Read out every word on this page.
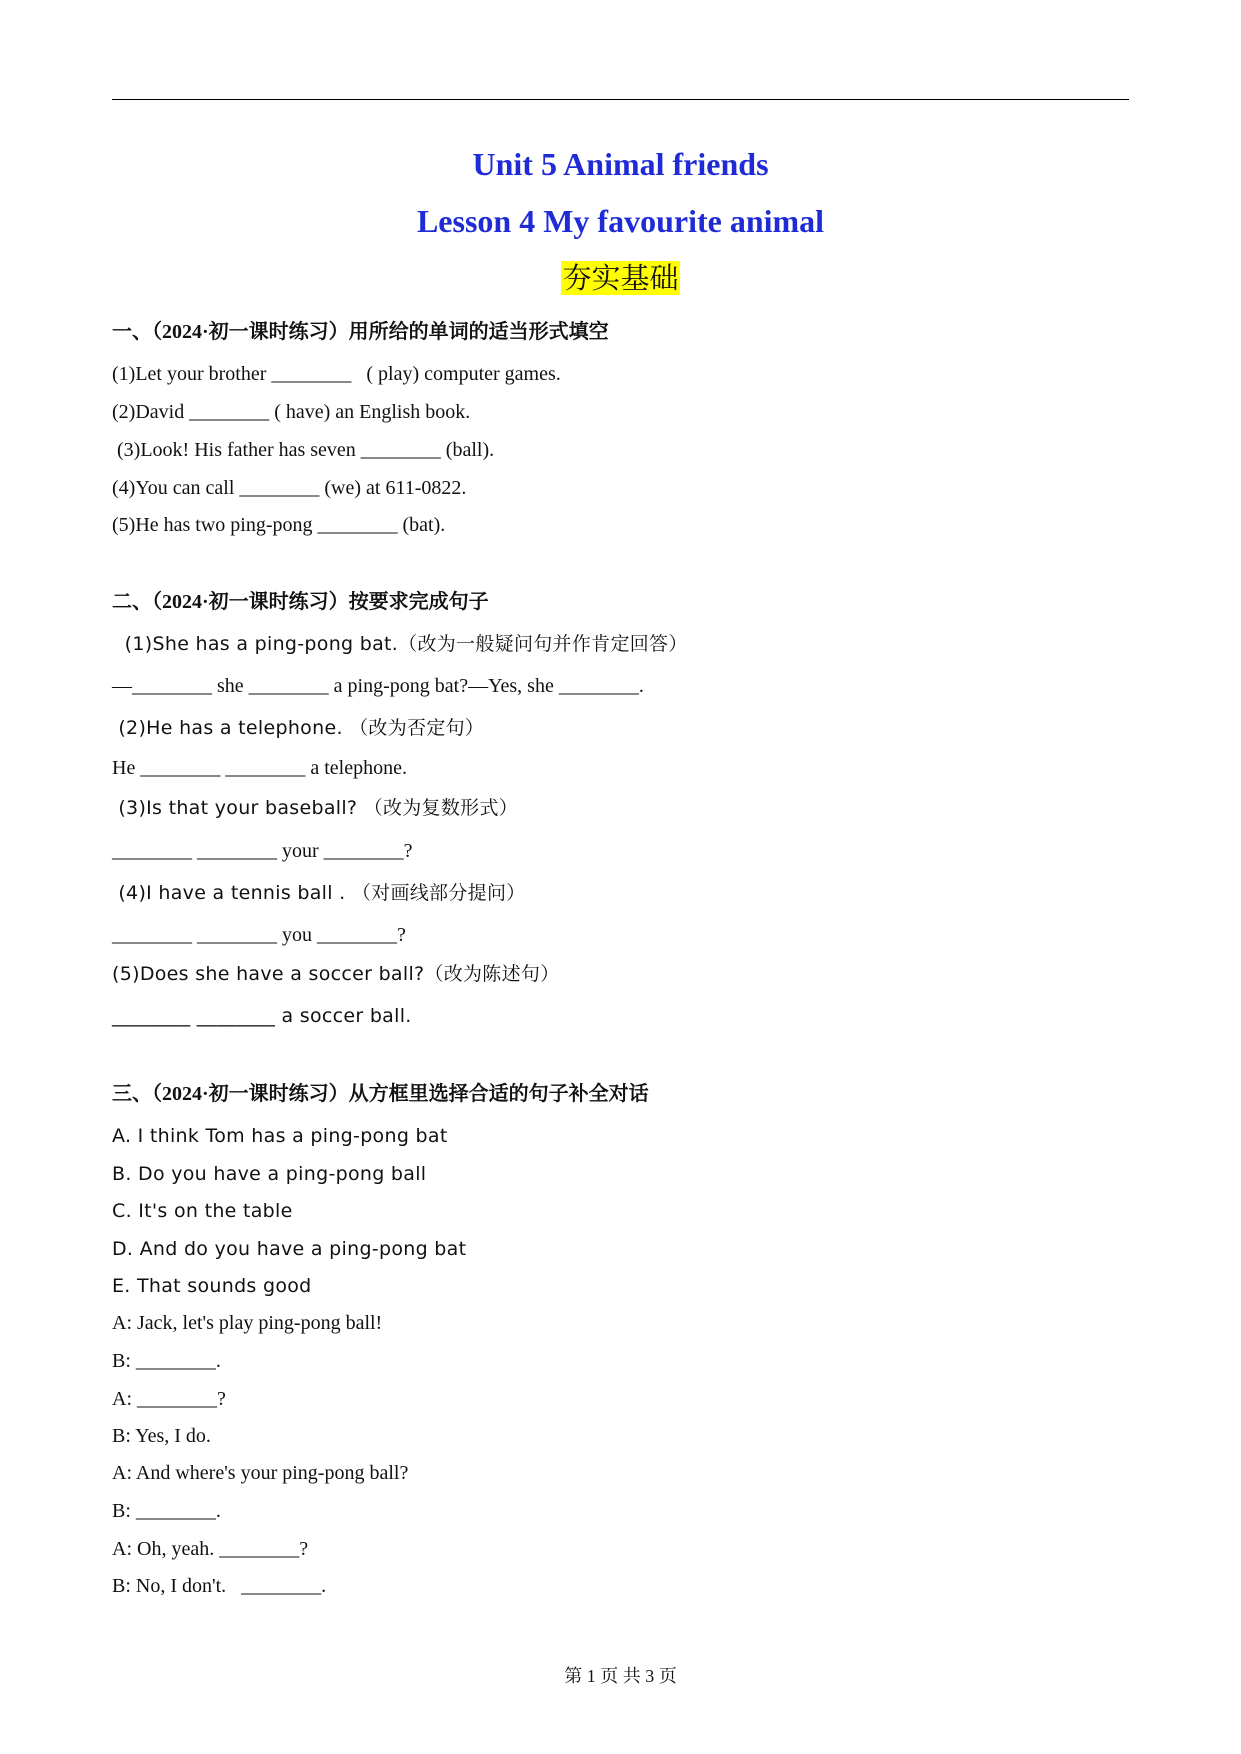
Unit 5 Animal friends
Lesson 4 My favourite animal
夯实基础
一、（2024·初一课时练习）用所给的单词的适当形式填空
(1)Let your brother ________   ( play) computer games.
(2)David ________ ( have) an English book.
(3)Look! His father has seven ________ (ball).
(4)You can call ________ (we) at 611-0822.
(5)He has two ping-pong ________ (bat).
二、（2024·初一课时练习）按要求完成句子
(1)She has a ping-pong bat.（改为一般疑问句并作肯定回答）
—________ she ________ a ping-pong bat?—Yes, she ________.
(2)He has a telephone. （改为否定句）
He ________ ________ a telephone.
(3)Is that your baseball? （改为复数形式）
________ ________ your ________?
(4)I have a tennis ball . （对画线部分提问）
________ ________ you ________?
(5)Does she have a soccer ball?（改为陈述句）
________ ________ a soccer ball.
三、（2024·初一课时练习）从方框里选择合适的句子补全对话
A. I think Tom has a ping-pong bat
B. Do you have a ping-pong ball
C. It's on the table
D. And do you have a ping-pong bat
E. That sounds good
A: Jack, let's play ping-pong ball!
B: ________.
A: ________?
B: Yes, I do.
A: And where's your ping-pong ball?
B: ________.
A: Oh, yeah. ________?
B: No, I don't.   ________.
第 1 页 共 3 页
